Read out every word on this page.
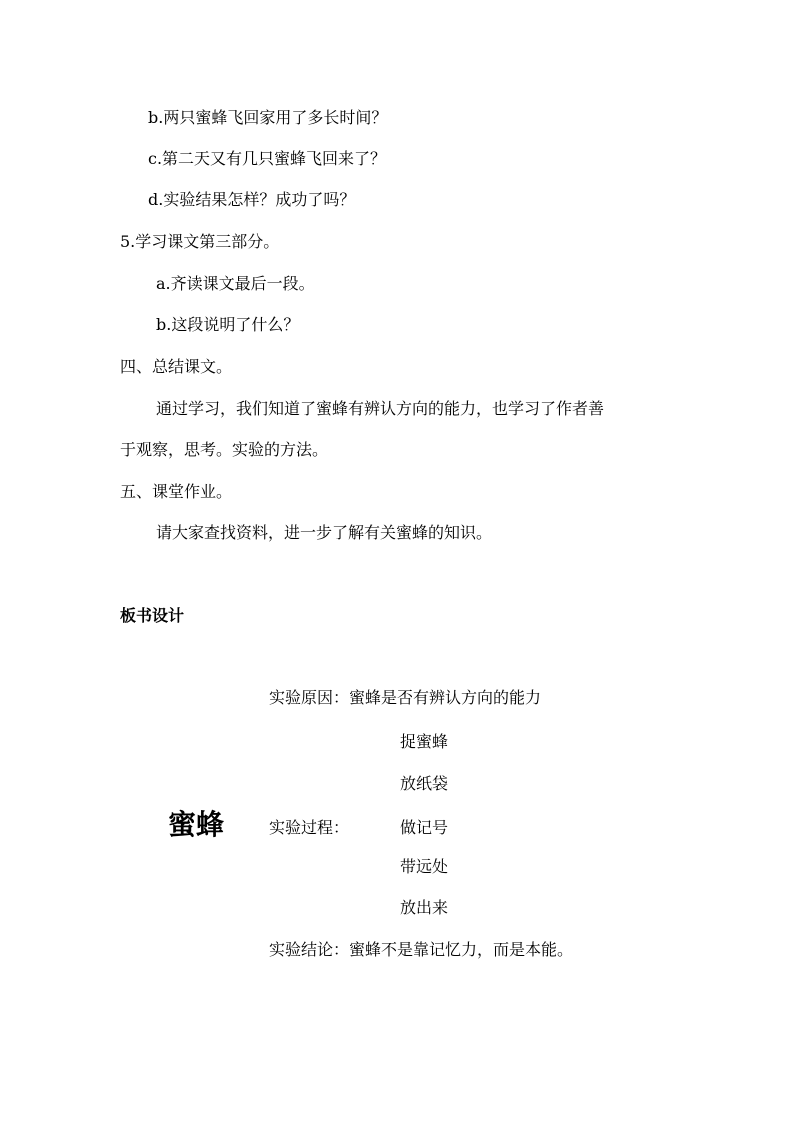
b.两只蜜蜂飞回家用了多长时间？
c.第二天又有几只蜜蜂飞回来了？
d.实验结果怎样？成功了吗？
5.学习课文第三部分。
a.齐读课文最后一段。
b.这段说明了什么？
四、总结课文。
通过学习，我们知道了蜜蜂有辨认方向的能力，也学习了作者善
于观察，思考。实验的方法。
五、课堂作业。
请大家查找资料，进一步了解有关蜜蜂的知识。
板书设计
实验原因：蜜蜂是否有辨认方向的能力
捉蜜蜂
放纸袋
蜜蜂	实验过程：	做记号
带远处
放出来
实验结论：蜜蜂不是靠记忆力，而是本能。
